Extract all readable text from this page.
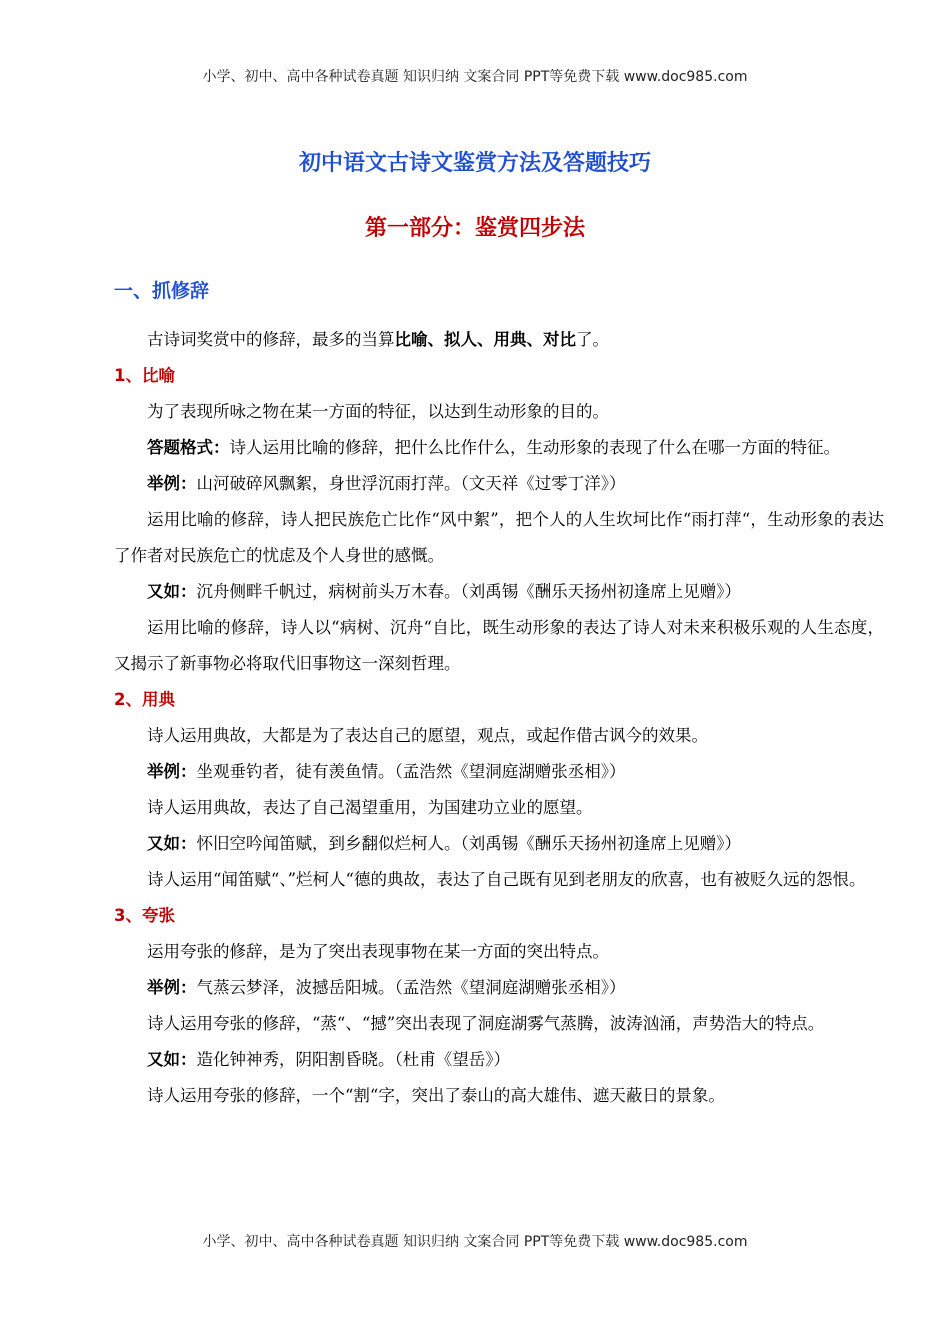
小学、初中、高中各种试卷真题 知识归纳 文案合同 PPT等免费下载 www.doc985.com
初中语文古诗文鉴赏方法及答题技巧
第一部分：鉴赏四步法
一、抓修辞

古诗词奖赏中的修辞，最多的当算比喻、拟人、用典、对比了。

1、比喻

为了表现所咏之物在某一方面的特征，以达到生动形象的目的。

答题格式：诗人运用比喻的修辞，把什么比作什么，生动形象的表现了什么在哪一方面的特征。

举例：山河破碎风飘絮，身世浮沉雨打萍。（文天祥《过零丁洋》）

运用比喻的修辞，诗人把民族危亡比作“风中絮”，把个人的人生坎坷比作“雨打萍“，生动形象的表达了作者对民族危亡的忧虑及个人身世的感慨。

又如：沉舟侧畔千帆过，病树前头万木春。（刘禹锡《酬乐天扬州初逢席上见赠》）

运用比喻的修辞，诗人以“病树、沉舟“自比，既生动形象的表达了诗人对未来积极乐观的人生态度，又揭示了新事物必将取代旧事物这一深刻哲理。

2、用典

诗人运用典故，大都是为了表达自己的愿望，观点，或起作借古讽今的效果。

举例：坐观垂钓者，徒有羡鱼情。（孟浩然《望洞庭湖赠张丞相》）

诗人运用典故，表达了自己渴望重用，为国建功立业的愿望。

又如：怀旧空吟闻笛赋，到乡翻似烂柯人。（刘禹锡《酬乐天扬州初逢席上见赠》）

诗人运用“闻笛赋“、”烂柯人“德的典故，表达了自己既有见到老朋友的欣喜，也有被贬久远的怨恨。

3、夸张

运用夸张的修辞，是为了突出表现事物在某一方面的突出特点。

举例：气蒸云梦泽，波撼岳阳城。（孟浩然《望洞庭湖赠张丞相》）

诗人运用夸张的修辞，“蒸“、“撼”突出表现了洞庭湖雾气蒸腾，波涛汹涌，声势浩大的特点。

又如：造化钟神秀，阴阳割昏晓。（杜甫《望岳》）

诗人运用夸张的修辞，一个“割“字，突出了泰山的高大雄伟、遮天蔽日的景象。

小学、初中、高中各种试卷真题 知识归纳 文案合同 PPT等免费下载 www.doc985.com
